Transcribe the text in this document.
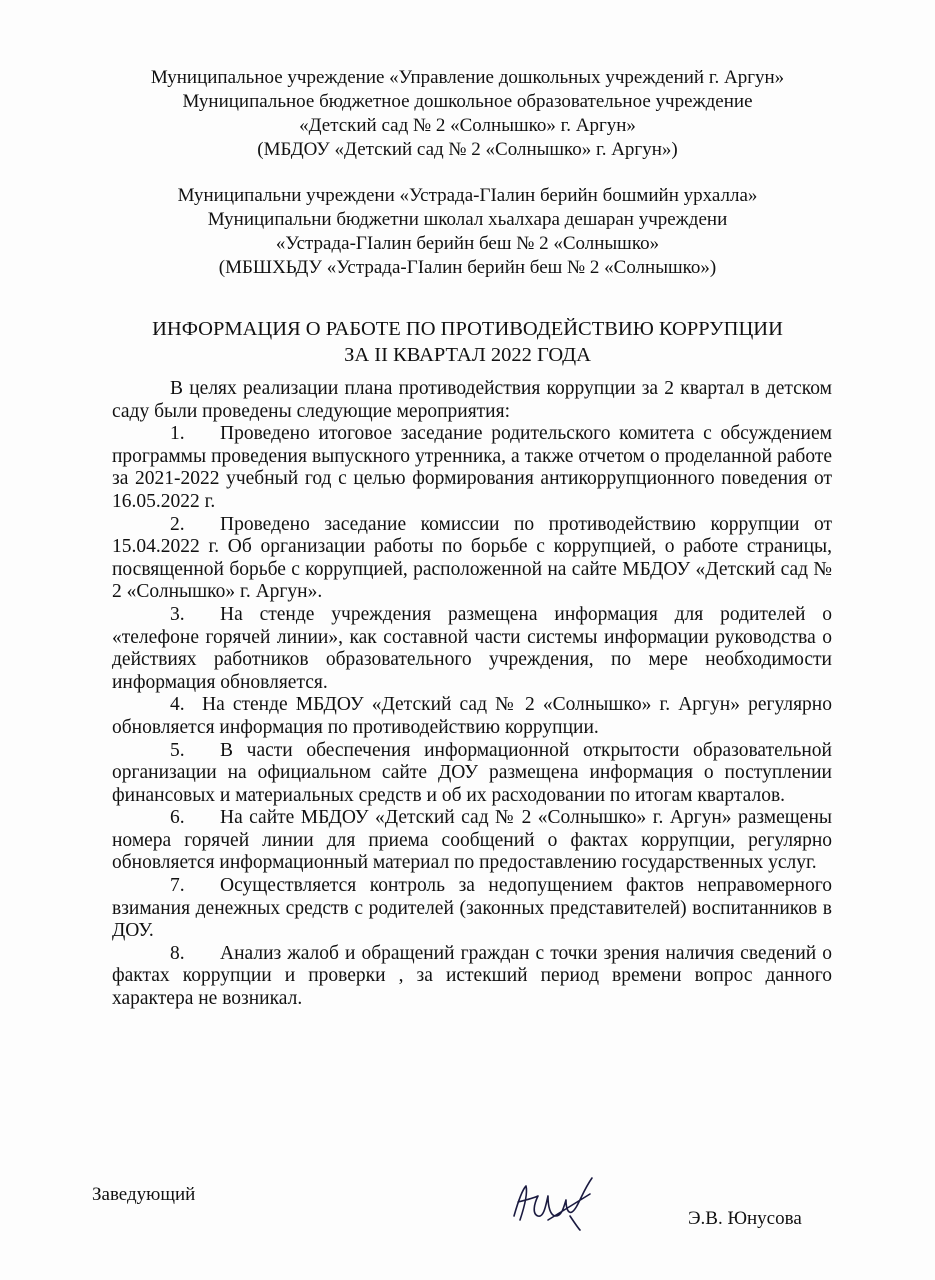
Муниципальное учреждение «Управление дошкольных учреждений г. Аргун»
Муниципальное бюджетное дошкольное образовательное учреждение
«Детский сад № 2 «Солнышко» г. Аргун»
(МБДОУ «Детский сад № 2 «Солнышко» г. Аргун»)
Муниципальни учреждени «Устрада-ГIалин берийн бошмийн урхалла»
Муниципальни бюджетни школал хьалхара дешаран учреждени
«Устрада-ГIалин берийн беш № 2 «Солнышко»
(МБШХЬДУ «Устрада-ГIалин берийн беш № 2 «Солнышко»)
ИНФОРМАЦИЯ О РАБОТЕ ПО ПРОТИВОДЕЙСТВИЮ КОРРУПЦИИ
ЗА II КВАРТАЛ 2022 ГОДА

В целях реализации плана противодействия коррупции за 2 квартал в детском саду были проведены следующие мероприятия:

1. Проведено итоговое заседание родительского комитета с обсуждением программы проведения выпускного утренника, а также отчетом о проделанной работе за 2021-2022 учебный год с целью формирования антикоррупционного поведения от 16.05.2022 г.

2. Проведено заседание комиссии по противодействию коррупции от 15.04.2022 г. Об организации работы по борьбе с коррупцией, о работе страницы, посвященной борьбе с коррупцией, расположенной на сайте МБДОУ «Детский сад № 2 «Солнышко» г. Аргун».

3. На стенде учреждения размещена информация для родителей о «телефоне горячей линии», как составной части системы информации руководства о действиях работников образовательного учреждения, по мере необходимости информация обновляется.

4. На стенде МБДОУ «Детский сад № 2 «Солнышко» г. Аргун» регулярно обновляется информация по противодействию коррупции.

5. В части обеспечения информационной открытости образовательной организации на официальном сайте ДОУ размещена информация о поступлении финансовых и материальных средств и об их расходовании по итогам кварталов.

6. На сайте МБДОУ «Детский сад № 2 «Солнышко» г. Аргун» размещены номера горячей линии для приема сообщений о фактах коррупции, регулярно обновляется информационный материал по предоставлению государственных услуг.

7. Осуществляется контроль за недопущением фактов неправомерного взимания денежных средств с родителей (законных представителей) воспитанников в ДОУ.

8. Анализ жалоб и обращений граждан с точки зрения наличия сведений о фактах коррупции и проверки , за истекший период времени вопрос данного характера не возникал.

Заведующий
Э.В. Юнусова
